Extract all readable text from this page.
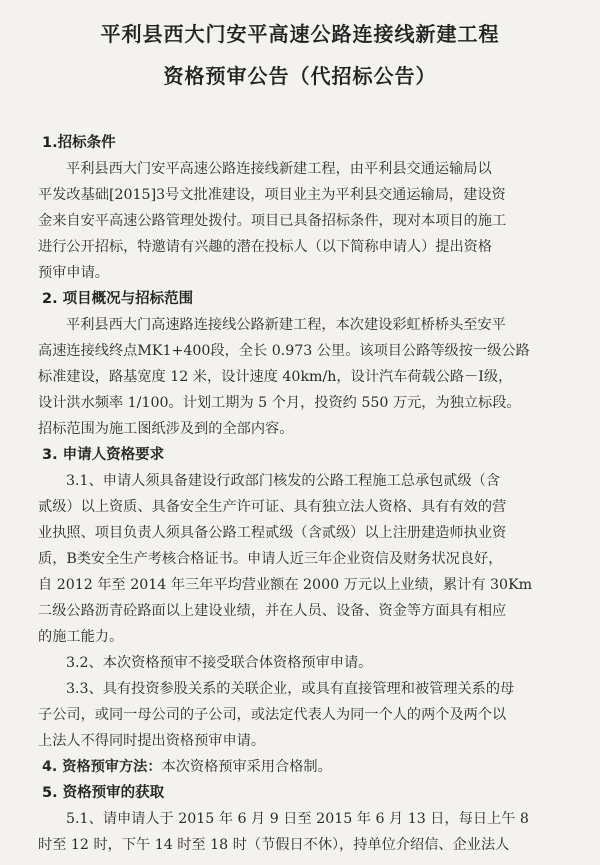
平利县西大门安平高速公路连接线新建工程
资格预审公告（代招标公告）
1.招标条件
平利县西大门安平高速公路连接线新建工程，由平利县交通运输局以
平发改基础[2015]3号文批准建设，项目业主为平利县交通运输局，建设资
金来自安平高速公路管理处拨付。项目已具备招标条件，现对本项目的施工
进行公开招标，特邀请有兴趣的潜在投标人（以下简称申请人）提出资格
预审申请。
2. 项目概况与招标范围
平利县西大门高速路连接线公路新建工程，本次建设彩虹桥桥头至安平
高速连接线终点MK1+400段，全长 0.973 公里。该项目公路等级按一级公路
标准建设，路基宽度 12 米，设计速度 40km/h，设计汽车荷载公路－Ⅰ级，
设计洪水频率 1/100。计划工期为 5 个月，投资约 550 万元，为独立标段。
招标范围为施工图纸涉及到的全部内容。
3. 申请人资格要求
3.1、申请人须具备建设行政部门核发的公路工程施工总承包贰级（含
贰级）以上资质、具备安全生产许可证、具有独立法人资格、具有有效的营
业执照、项目负责人须具备公路工程贰级（含贰级）以上注册建造师执业资
质，B类安全生产考核合格证书。申请人近三年企业资信及财务状况良好，
自 2012 年至 2014 年三年平均营业额在 2000 万元以上业绩，累计有 30Km
二级公路沥青砼路面以上建设业绩，并在人员、设备、资金等方面具有相应
的施工能力。
3.2、本次资格预审不接受联合体资格预审申请。
3.3、具有投资参股关系的关联企业，或具有直接管理和被管理关系的母
子公司，或同一母公司的子公司，或法定代表人为同一个人的两个及两个以
上法人不得同时提出资格预审申请。
4. 资格预审方法：本次资格预审采用合格制。
5. 资格预审的获取
5.1、请申请人于 2015 年 6 月 9 日至 2015 年 6 月 13 日，每日上午 8
时至 12 时，下午 14 时至 18 时（节假日不休），持单位介绍信、企业法人
